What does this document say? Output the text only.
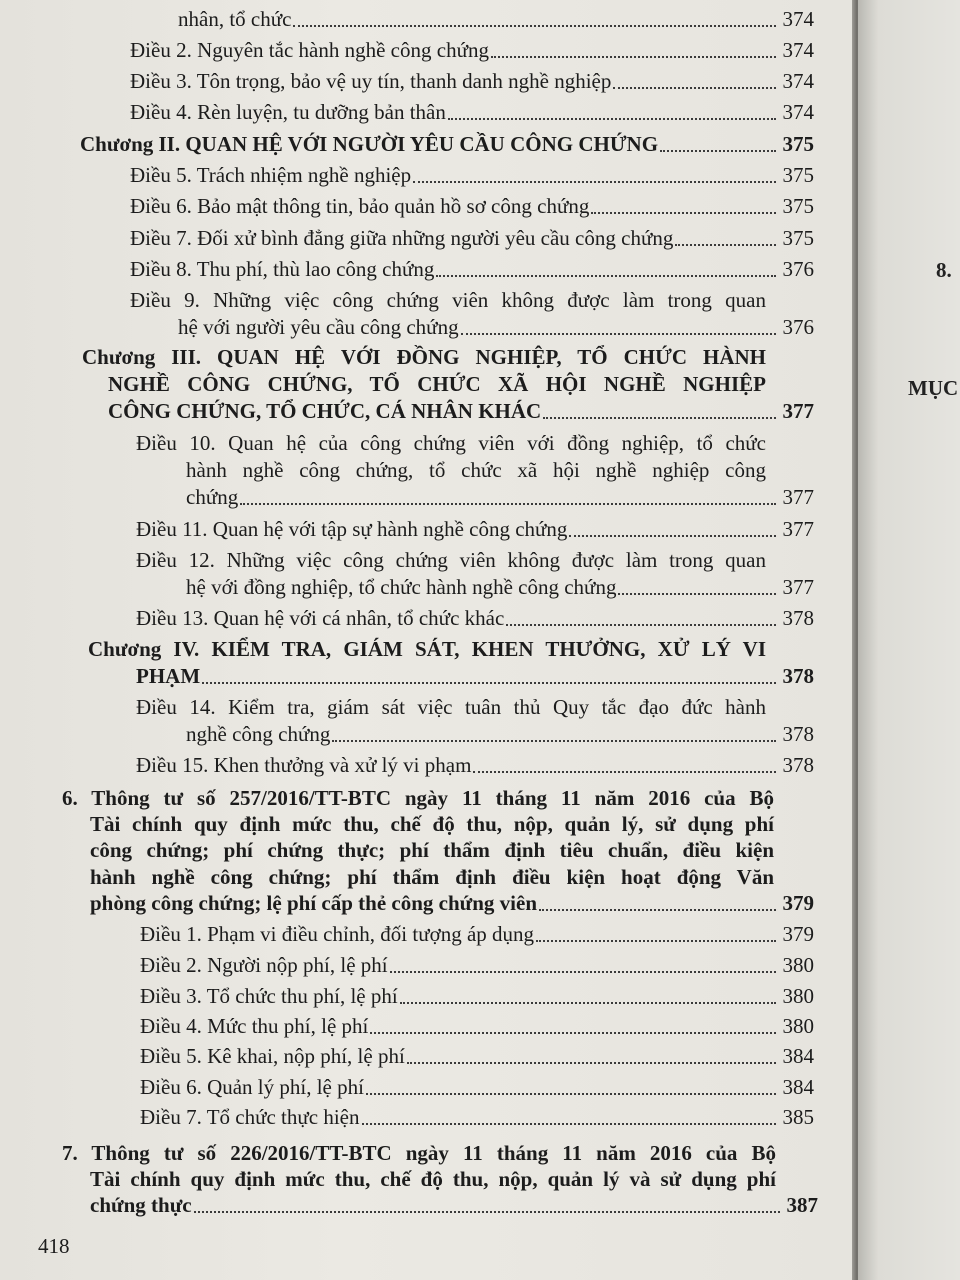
nhân, tổ chức	374
Điều 2. Nguyên tắc hành nghề công chứng	374
Điều 3. Tôn trọng, bảo vệ uy tín, thanh danh nghề nghiệp	374
Điều 4. Rèn luyện, tu dưỡng bản thân	374
Chương II. QUAN HỆ VỚI NGƯỜI YÊU CẦU CÔNG CHỨNG	375
Điều 5. Trách nhiệm nghề nghiệp	375
Điều 6. Bảo mật thông tin, bảo quản hồ sơ công chứng	375
Điều 7. Đối xử bình đẳng giữa những người yêu cầu công chứng	375
Điều 8. Thu phí, thù lao công chứng	376
Điều 9. Những việc công chứng viên không được làm trong quan
hệ với người yêu cầu công chứng	376
Chương III. QUAN HỆ VỚI ĐỒNG NGHIỆP, TỔ CHỨC HÀNH
NGHỀ CÔNG CHỨNG, TỔ CHỨC XÃ HỘI NGHỀ NGHIỆP
CÔNG CHỨNG, TỔ CHỨC, CÁ NHÂN KHÁC	377
Điều 10. Quan hệ của công chứng viên với đồng nghiệp, tổ chức
hành nghề công chứng, tổ chức xã hội nghề nghiệp công
chứng	377
Điều 11. Quan hệ với tập sự hành nghề công chứng	377
Điều 12. Những việc công chứng viên không được làm trong quan
hệ với đồng nghiệp, tổ chức hành nghề công chứng	377
Điều 13. Quan hệ với cá nhân, tổ chức khác	378
Chương IV. KIỂM TRA, GIÁM SÁT, KHEN THƯỞNG, XỬ LÝ VI
PHẠM	378
Điều 14. Kiểm tra, giám sát việc tuân thủ Quy tắc đạo đức hành
nghề công chứng	378
Điều 15. Khen thưởng và xử lý vi phạm	378
6. Thông tư số 257/2016/TT-BTC ngày 11 tháng 11 năm 2016 của Bộ
Tài chính quy định mức thu, chế độ thu, nộp, quản lý, sử dụng phí
công chứng; phí chứng thực; phí thẩm định tiêu chuẩn, điều kiện
hành nghề công chứng; phí thẩm định điều kiện hoạt động Văn
phòng công chứng; lệ phí cấp thẻ công chứng viên	379
Điều 1. Phạm vi điều chỉnh, đối tượng áp dụng	379
Điều 2. Người nộp phí, lệ phí	380
Điều 3. Tổ chức thu phí, lệ phí	380
Điều 4. Mức thu phí, lệ phí	380
Điều 5. Kê khai, nộp phí, lệ phí	384
Điều 6. Quản lý phí, lệ phí	384
Điều 7. Tổ chức thực hiện	385
7. Thông tư số 226/2016/TT-BTC ngày 11 tháng 11 năm 2016 của Bộ
Tài chính quy định mức thu, chế độ thu, nộp, quản lý và sử dụng phí
chứng thực	387
418
8.
MỤC
